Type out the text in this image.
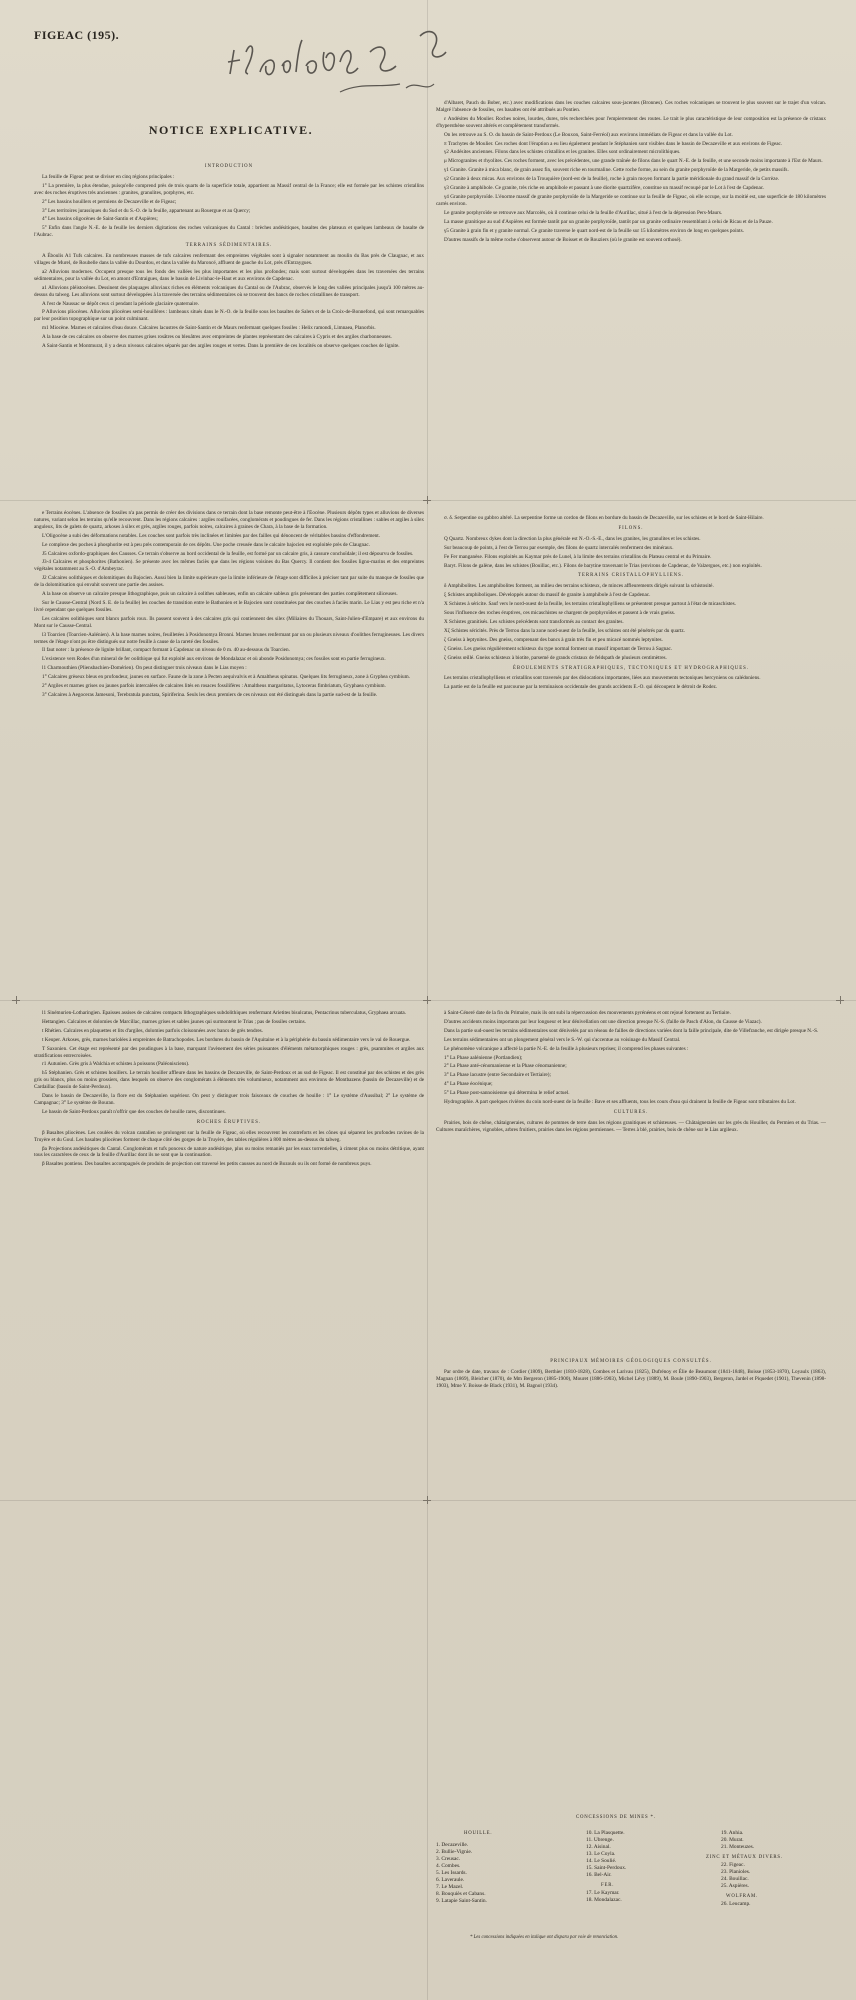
FIGEAC (195).
NOTICE EXPLICATIVE.
INTRODUCTION

La feuille de Figeac peut se diviser en cinq régions principales :

1° La première, la plus étendue, puisqu'elle comprend près de trois quarts de la superficie totale, appartient au Massif central de la France; elle est formée par les schistes cristallins avec des roches éruptives très anciennes : granites, granulites, porphyres, etc.

2° Les bassins houillers et permiens de Decazeville et de Figeac;

3° Les territoires jurassiques du Sud et du S.-O. de la feuille, appartenant au Rouergue et au Quercy;

4° Les bassins oligocènes de Saint-Santin et d'Aspières;

5° Enfin dans l'angle N.-E. de la feuille les derniers digitations des roches volcaniques du Cantal : brèches andésitiques, basaltes des plateaux et quelques lambeaux de basalte de l'Aubrac.

TERRAINS SÉDIMENTAIRES.

A Éboulis A1 Tufs calcaires. En nombreuses masses de tufs calcaires renfermant des empreintes végétales sont à signaler notamment au moulin du Bas près de Claugnac, et aux villages de Murel, de Roubelle dans la vallée du Dourdou, et dans la vallée du Maroncé, affluent de gauche du Lot, près d'Entraygues.

a2 Alluvions modernes. Occupent presque tous les fonds des vallées les plus importantes et les plus profondes; mais sont surtout développées dans les traversées des terrains sédimentaires, pour la vallée du Lot, en amont d'Entraigues, dans le bassin de Livinhac-le-Haut et aux environs de Capdenac.

a1 Alluvions pléistocènes. Dessinent des plaquages alluviaux riches en éléments volcaniques du Cantal ou de l'Aubrac, observés le long des vallées principales jusqu'à 100 mètres au-dessus du talweg. Les alluvions sont surtout développées à la traversée des terrains sédimentaires où se trouvent des bancs de roches cristallines de transport.

A l'est de Naussac se dépôt ceux ci pendant la période glaciaire quaternaire.

P Alluvions pliocènes. Alluvions pliocènes semi-houillères : lambeaux situés dans le N.-O. de la feuille sous les basaltes de Salers et de la Croix-de-Bonnefond, qui sont remarquables par leur position topographique sur un point culminant.

m1 Miocène. Marnes et calcaires d'eau douce. Calcaires lacustres de Saint-Santin et de Maurs renfermant quelques fossiles : Helix ramondi, Limnaea, Planorbis.

A la base de ces calcaires on observe des marnes grises rosâtres ou bleuâtres avec empreintes de plantes représentant des calcaires à Cypris et des argiles charbonneuses.

A Saint-Santin et Montmurat, il y a deux niveaux calcaires séparés par des argiles rouges et vertes. Dans la première de ces localités on observe quelques couches de lignite.

e Terrains éocènes. L'absence de fossiles n'a pas permis de créer des divisions dans ce terrain dont la base remonte peut-être à l'Éocène. Plusieurs dépôts types et alluvions de diverses natures, variant selon les terrains qu'elle recouvrent. Dans les régions calcaires : argiles rouifacées, conglomérats et poudingues de fer. Dans les régions cristallines : sables et argiles à silex anguleux, lits de galets de quartz, arkoses à silex et grès, argiles rouges, parfois noires, calcaires à graines de Chara, à la base de la formation.

L'Oligocène a subi des déformations notables. Les couches sont parfois très inclinées et limitées par des failles qui dénoncent de véritables bassins d'effondrement.

Le complexe des poches à phosphorite est à peu près contemporain de ces dépôts. Une poche creusée dans le calcaire bajocien est exploitée près de Claugnac.

J5 Calcaires oxfordo-graphiques des Causses. Ce terrain s'observe au bord occidental de la feuille, est formé par un calcaire gris, à cassure conchoïdale; il est dépourvu de fossiles.

J3-4 Calcaires et phosphorites (Bathonien). Se présente avec les mêmes faciès que dans les régions voisines du Bas Quercy. Il contient des fossiles ligno-marins et des empreintes végétales notamment au S.-O. d'Ambeyrac.

J2 Calcaires oolithiques et dolomitiques du Bajocien. Aussi bien la limite supérieure que la limite inférieure de l'étage sont difficiles à préciser tant par suite du manque de fossiles que de la dolomitisation qui envahit souvent une partie des assises.

A la base on observe un calcaire presque lithographique, puis un calcaire à oolithes sableuses, enfin un calcaire sableux gris présentant des parties complètement siliceuses.

Sur le Causse-Central (Nord S. E. de la feuille) les couches de transition entre le Bathonien et le Bajocien sont constituées par des couches à faciès marin. Le Lias y est peu riche et n'a livré cependant que quelques fossiles.

Les calcaires oolithiques sont blancs parfois roux. Ils passent souvent à des calcaires gris qui contiennent des silex (Miliaires du Thouars, Saint-Julien-d'Empare) et aux environs du Mont sur le Causse-Central.

l3 Toarcien (Toarcien-Aalénien). A la base marnes noires, feuilletées à Posidonomya Bronni. Marnes brunes renfermant par un ou plusieurs niveaux d'oolithes ferrugineuses. Les divers termes de l'étage n'ont pu être distingués sur notre feuille à cause de la rareté des fossiles.

Il faut noter : la présence de lignite brillant, compact formant à Capdenac un niveau de 0 m. 40 au-dessous du Toarcien.

L'existence vers Rodes d'un mineral de fer oolithique qui fut exploité aux environs de Mondalazac et où abonde Posidonomya; ces fossiles sont en partie ferrugineux.

l1 Charmouthien (Pliensbachien-Domérien). On peut distinguer trois niveaux dans le Lias moyen :

1° Calcaires grèseux bleus en profondeur, jaunes en surface. Faune de la zone à Pecten aequivalvis et à Amaltheus spinatus. Quelques lits ferrugineux, zone à Gryphea cymbium.

2° Argiles et marnes grises ou jaunes parfois intercalées de calcaires lités en rosaces fossilifères : Amaltheus margaritatus, Lytoceras fimbriatum, Gryphaea cymbium.

3° Calcaires à Aegoceras Jamesoni, Terebratula punctata, Spiriferina. Seuls les deux premiers de ces niveaux ont été distingués dans la partie sud-est de la feuille.

l1 Sinémurien-Lotharingien. Épaisses assises de calcaires compacts lithographiques subdolithiques renfermant Arietites bisulcatus, Pentacrinus tuberculatus, Gryphaea arcuata.

Hettangien. Calcaires et dolomies de Marcillac, marnes grises et sables jaunes qui surmontent le Trias ; pas de fossiles certains.

t Rhétien. Calcaires en plaquettes et lits d'argiles, dolomies parfois cloisonnées avec bancs de grès tendres.

t Keuper. Arkoses, grès, marnes bariolées à empreintes de Batrachopodes. Les bordures du bassin de l'Aquitaine et à la périphérie du bassin sédimentaire vers le val de Rouergue.

T Saxonien. Cet étage est représenté par des poudingues à la base, marquant l'avènement des séries puissantes d'éléments métamorphiques rouges : grès, psammites et argiles aux stratifications entrecroisées.

r1 Autunien. Grès gris à Walchia et schistes à poissons (Paléonisciens).

h5 Stéphanien. Grès et schistes houillers. Le terrain houiller affleure dans les bassins de Decazeville, de Saint-Perdoux et au sud de Figeac. Il est constitué par des schistes et des grès gris ou blancs, plus ou moins grossiers, dans lesquels on observe des conglomérats à éléments très volumineux, notamment aux environs de Montbazens (bassin de Decazeville) et de Cardaillac (bassin de Saint-Perdoux).

Dans le bassin de Decazeville, la flore est du Stéphanien supérieur. On peut y distinguer trois faisceaux de couches de houille : 1° Le système d'Aussibal; 2° Le système de Campagnac; 3° Le système de Bouran.

Le bassin de Saint-Perdoux paraît n'offrir que des couches de houille rares, discontinues.

ROCHES ÉRUPTIVES.

β Basaltes pliocènes. Les coulées du volcan cantalien se prolongent sur la feuille de Figeac, où elles recouvrent les contreforts et les cônes qui séparent les profondes ravines de la Truyère et du Goul. Les basaltes pliocènes forment de chaque côté des gorges de la Truyère, des tables régulières à 800 mètres au-dessus du talweg.

βa Projections andésitiques du Cantal. Conglomérats et tufs ponceux de nature andésitique, plus ou moins remaniés par les eaux torrentielles, à ciment plus ou moins détritique, ayant tous les caractères de ceux de la feuille d'Aurillac dont ils ne sont que la continuation.

β Basaltes pontiens. Des basaltes accompagnés de produits de projection ont traversé les petits causses au nord de Bozouls ou ils ont formé de nombreux puys.

d'Albaret, Pauch du Bober, etc.) avec modifications dans les couches calcaires sous-jacentes (Bronnes). Ces roches volcaniques se trouvent le plus souvent sur le trajet d'un volcan. Malgré l'absence de fossiles, ces basaltes ont été attribués au Pontien.

ε Andésites du Moulier. Roches noires, lourdes, dures, très recherchées pour l'empierrement des routes. Le trait le plus caractéristique de leur composition est la présence de cristaux d'hypersthène souvent altérés et complètement transformés.

On les retrouve au S. O. du bassin de Saint-Perdoux (Le Bouxon, Saint-Ferréol) aux environs immédiats de Figeac et dans la vallée du Lot.

π Trachytes de Moulier. Ces roches dont l'éruption a eu lieu également pendant le Stéphanien sont visibles dans le bassin de Decazeville et aux environs de Figeac.

γ2 Andésites anciennes. Filons dans les schistes cristallins et les granites. Elles sont ordinairement microlithiques.

μ Microgranites et rhyolites. Ces roches forment, avec les précédentes, une grande traînée de filons dans le quart N.-E. de la feuille, et une seconde moins importante à l'Est de Maurs.

γ1 Granite. Granite à mica blanc, de grain assez fin, souvent riche en tourmaline. Cette roche forme, au sein du granite porphyroïde de la Margeride, de petits massifs.

γ2 Granite à deux micas. Aux environs de la Trouquière (nord-est de la feuille), roche à grain moyen formant la partie méridionale du grand massif de la Corrèze.

γ3 Granite à amphibole. Ce granite, très riche en amphibole et passant à une diorite quartzifère, constitue un massif recoupé par le Lot à l'est de Capdenac.

γ4 Granite porphyroïde. L'énorme massif de granite porphyroïde de la Margeride se continue sur la feuille de Figeac, où elle occupe, sur la moitié est, une superficie de 180 kilomètres carrés environ.

Le granite porphyroïde se retrouve aux Marcolès, où il continue celui de la feuille d'Aurillac, situé à l'est de la dépression Pers-Maurs.

La masse granitique au sud d'Aspières est formée tantôt par un granite porphyroïde, tantôt par un granite ordinaire ressemblant à celui de Ricau et de la Pauze.

γ5 Granite à grain fin et γ granite normal. Ce granite traverse le quart nord-est de la feuille sur 15 kilomètres environ de long en quelques points.

D'autres massifs de la même roche s'observent autour de Boisset et de Rouziers (où le granite est souvent orthosé).

σ. δ. Serpentine ou gabbro altéré. La serpentine forme un cordon de filons en bordure du bassin de Decazeville, sur les schistes et le bord de Saint-Hilaire.

FILONS.

Q Quartz. Nombreux dykes dont la direction la plus générale est N.-O.-S.-E., dans les granites, les granulites et les schistes.

Sur beaucoup de points, à l'est de Terrou par exemple, des filons de quartz intercalés renferment des minéraux.

Fe Fer manganèse. Filons exploités au Kaymar près de Lunel, à la limite des terrains cristallins du Plateau central et du Primaire.

Baryt. Filons de galène, dans les schistes (Bouillac, etc.). Filons de barytine traversant le Trias (environs de Capdenac, de Valzergues, etc.) non exploités.

TERRAINS CRISTALLOPHYLLIENS.

δ Amphibolites. Les amphibolites forment, au milieu des terrains schisteux, de minces affleurements dirigés suivant la schistosité.

ξ Schistes amphiboliques. Développés autour du massif de granite à amphibole à l'est de Capdenac.

X Schistes à séricite. Sauf vers le nord-ouest de la feuille, les terrains cristallophylliens se présentent presque partout à l'état de micaschistes.

Sous l'influence des roches éruptives, ces micaschistes se chargent de porphyroïdes et passent à de vrais gneiss.

X Schistes granitisés. Les schistes précédents sont transformés au contact des granites.

Xζ Schistes séricités. Près de Terrou dans la zone nord-ouest de la feuille, les schistes ont été pénétrés par du quartz.

ζ Gneiss à leptynites. Des gneiss, comprenant des bancs à grain très fin et peu micacé nommés leptynites.

ζ Gneiss. Les gneiss régulièrement schisteux du type normal forment un massif important de Terrou à Sagnac.

ζ Gneiss œillé. Gneiss schisteux à biotite, parsemé de grands cristaux de feldspath de plusieurs centimètres.

ÉBOULEMENTS STRATIGRAPHIQUES, TECTONIQUES ET HYDROGRAPHIQUES.

Les terrains cristallophylliens et cristallins sont traversés par des dislocations importantes, liées aux mouvements tectoniques hercyniens ou calédoniens.

La partie est de la feuille est parcourue par la terminaison occidentale des grands accidents E.-O. qui découpent le détroit de Rodez.

à Saint-Céneré date de la fin du Primaire, mais ils ont subi la répercussion des mouvements pyrénéens et ont rejoué fortement au Tertiaire.

D'autres accidents moins importants par leur longueur et leur dénivellation ont une direction presque N.-S. (faille de Pasch d'Alon, du Causse de Viazac).

Dans la partie sud-ouest les terrains sédimentaires sont dénivelés par un réseau de failles de directions variées dont la faille principale, dite de Villefranche, est dirigée presque N.-S.

Les terrains sédimentaires ont un plongement général vers le S.-W. qui s'accentue au voisinage du Massif Central.

Le phénomène volcanique a affecté la partie N.-E. de la feuille à plusieurs reprises; il comprend les phases suivantes :

1° La Phase aalénienne (Portlandien);

2° La Phase anté-cénomanienne et la Phase cénomanienne;

3° La Phase lacustre (entre Secondaire et Tertiaire);

4° La Phase éocénique;

5° La Phase post-sannoisienne qui détermina le relief actuel.

Hydrographie. A part quelques rivières du coin nord-ouest de la feuille : Bave et ses affluents, tous les cours d'eau qui drainent la feuille de Figeac sont tributaires du Lot.

CULTURES.

Prairies, bois de chêne, châtaigneraies, cultures de pommes de terre dans les régions granitiques et schisteuses. — Châtaigneraies sur les grès du Houiller, du Permien et du Trias. — Cultures maraîchères, vignobles, arbres fruitiers, prairies dans les régions permiennes. — Terres à blé, prairies, bois de chêne sur le Lias argileux.

PRINCIPAUX MÉMOIRES GÉOLOGIQUES CONSULTÉS.

Par ordre de date, travaux de : Cordier (1809), Berthier (1810-1828), Combes et Larivau (1825), Dufrénoy et Élie de Beaumont (1841-1848), Boisse (1853-1870), Loyaulx (1863), Magnan (1869), Bleicher (1870), de Mm Bergeron (1885-1900), Mouret (1886-1903), Michel Lévy (1889), M. Boule (1890-1903), Bergeron, Jardel et Piquedet (1901), Thevenin (1898-1903), Mme Y. Boisse de Black (1931), M. Bagnol (1934).

CONCESSIONS DE MINES *.
HOUILLE.
1. Decazeville.
2. Bullie-Vignie.
3. Creusac.
4. Combes.
5. Les Issards.
6. Laveraule.
7. Le Mazel.
8. Bouquiès et Cabans.
9. Latapie Saint-Santin.
10. La Plasquette.
11. Ubrenge.
12. Aisinal.
13. Le Coyla.
14. Le Soulié.
15. Saint-Perdoux.
16. Bel-Air.
FER.
17. Le Kaymar.
18. Mondalazac.
19. Anhia.
20. Murat.
21. Monteuzes.
ZINC ET MÉTAUX DIVERS.
22. Figeac.
23. Planioles.
24. Bouillac.
25. Aspières.
WOLFRAM.
26. Leucamp.
* Les concessions indiquées en italique ont disparu par voie de renonciation.
